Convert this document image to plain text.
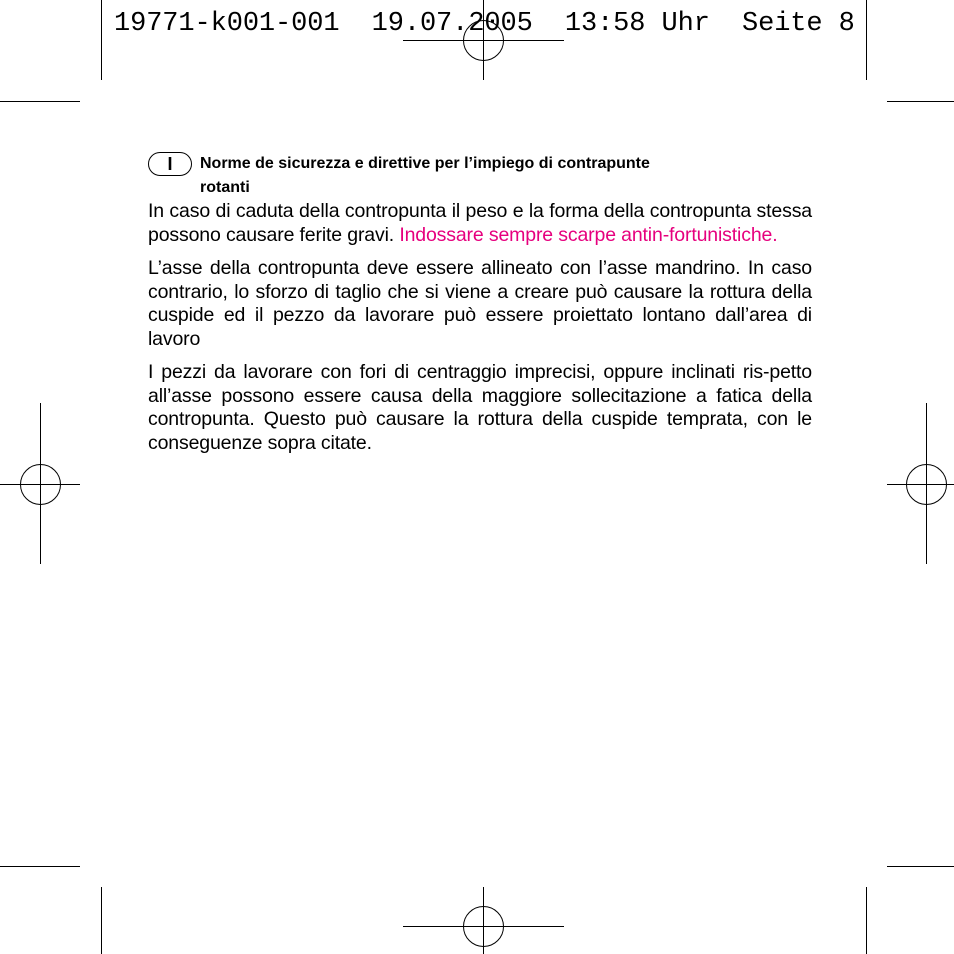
19771-k001-001  19.07.2005  13:58 Uhr  Seite 8
I	Norme de sicurezza e direttive per l’impiego di contrapunte rotanti

In caso di caduta della contropunta il peso e la forma della contropunta stessa possono causare ferite gravi. Indossare sempre scarpe antin-fortunistiche.

L’asse della contropunta deve essere allineato con l’asse mandrino. In caso contrario, lo sforzo di taglio che si viene a creare può causare la rottura della cuspide ed il pezzo da lavorare può essere proiettato lontano dall’area di lavoro

I pezzi da lavorare con fori di centraggio imprecisi, oppure inclinati ris-petto all’asse possono essere causa della maggiore sollecitazione a fatica della contropunta. Questo può causare la rottura della cuspide temprata, con le conseguenze sopra citate.
